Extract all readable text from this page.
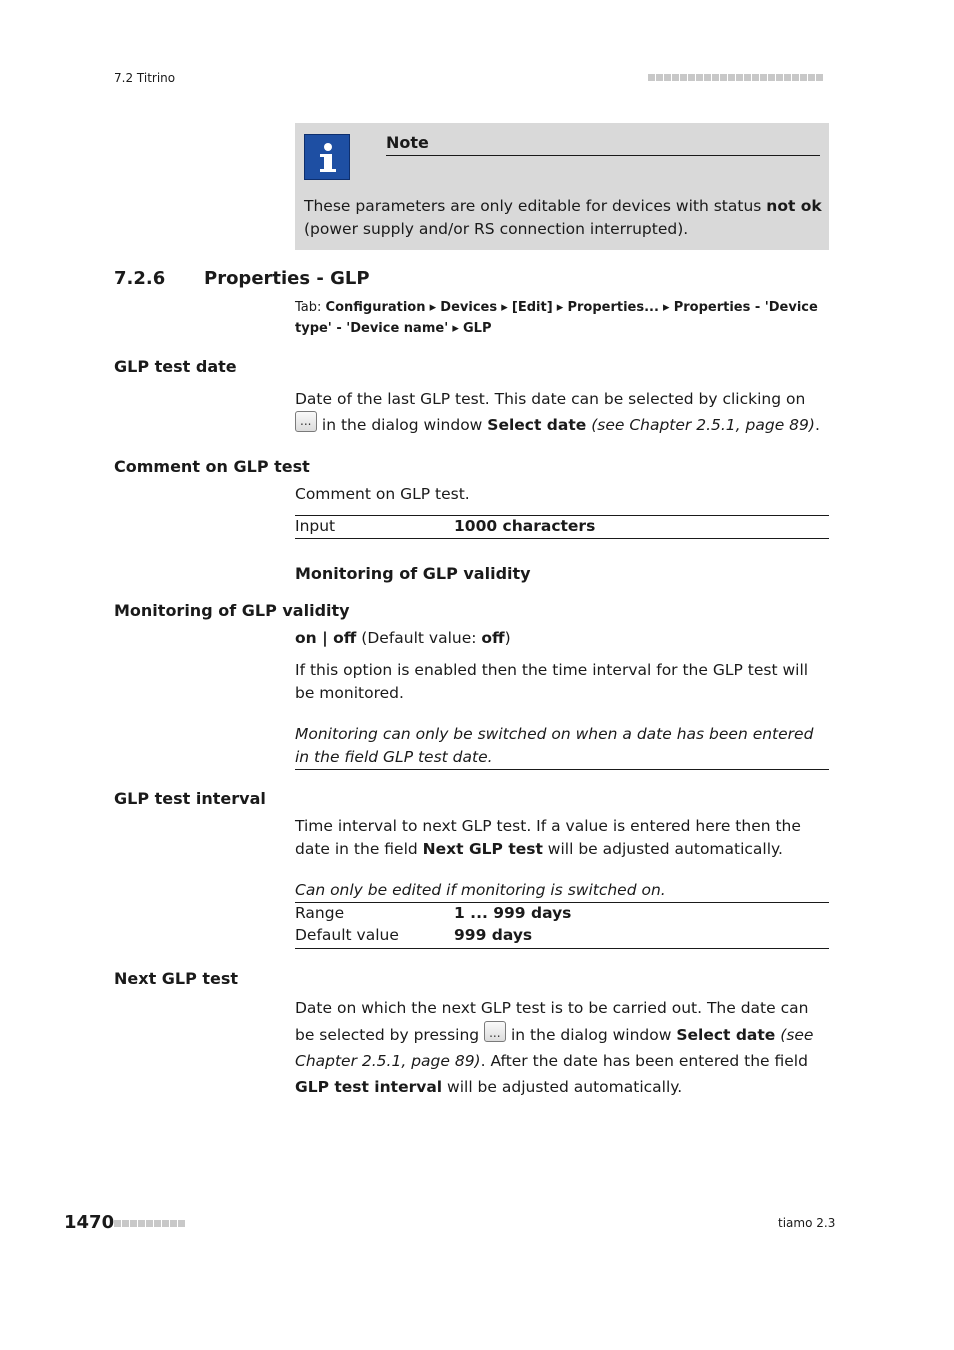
7.2 Titrino
Note
These parameters are only editable for devices with status not ok (power supply and/or RS connection interrupted).
7.2.6 Properties - GLP
Tab: Configuration ▸ Devices ▸ [Edit] ▸ Properties... ▸ Properties - 'Device type' - 'Device name' ▸ GLP
GLP test date
Date of the last GLP test. This date can be selected by clicking on ... in the dialog window Select date (see Chapter 2.5.1, page 89).
Comment on GLP test
Comment on GLP test.
Input	1000 characters
Monitoring of GLP validity
Monitoring of GLP validity
on | off (Default value: off)
If this option is enabled then the time interval for the GLP test will be monitored.
Monitoring can only be switched on when a date has been entered in the field GLP test date.
GLP test interval
Time interval to next GLP test. If a value is entered here then the date in the field Next GLP test will be adjusted automatically.
Can only be edited if monitoring is switched on.
Range	1 ... 999 days
Default value	999 days
Next GLP test
Date on which the next GLP test is to be carried out. The date can be selected by pressing ... in the dialog window Select date (see Chapter 2.5.1, page 89). After the date has been entered the field GLP test interval will be adjusted automatically.
1470	tiamo 2.3
